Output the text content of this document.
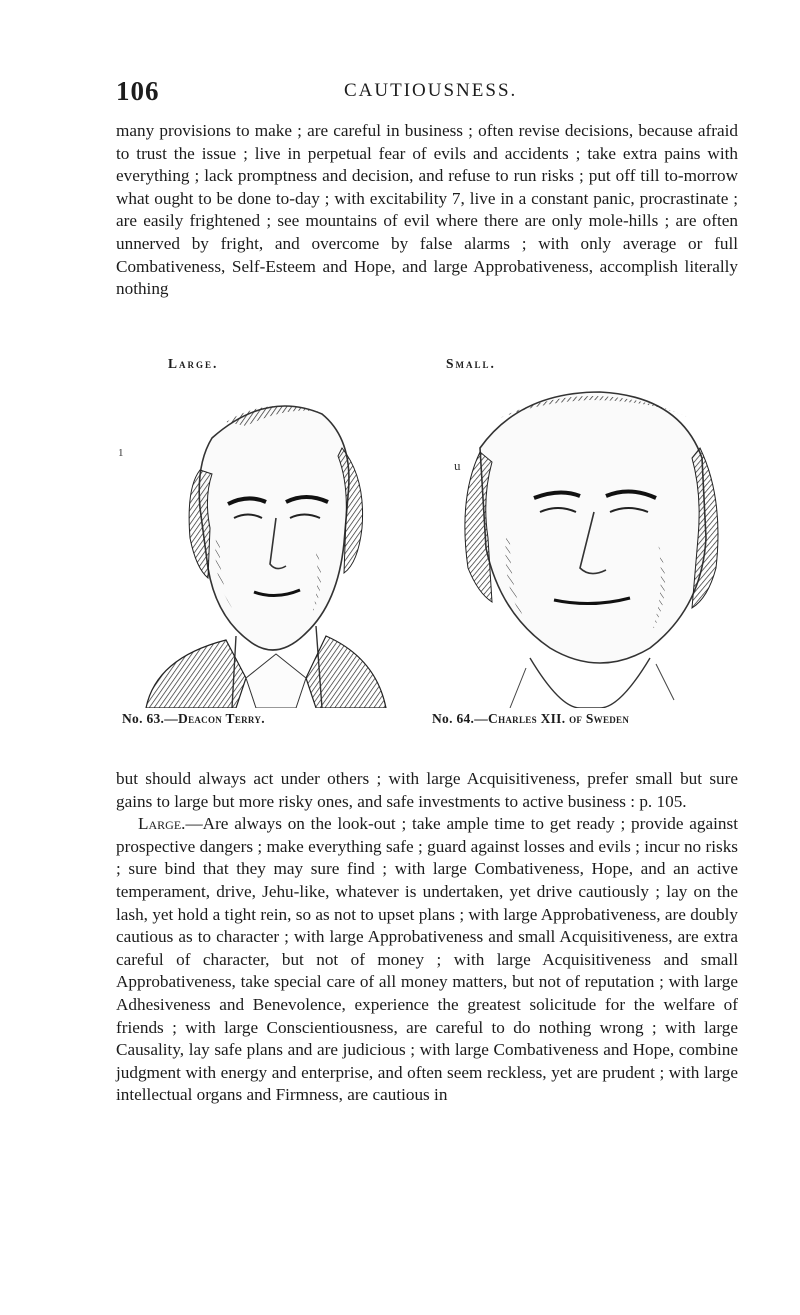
106	CAUTIOUSNESS.
many provisions to make ; are careful in business ; often revise decisions, because afraid to trust the issue ; live in perpetual fear of evils and accidents ; take extra pains with everything ; lack promptness and decision, and refuse to run risks ; put off till to-morrow what ought to be done to-day ; with excitability 7, live in a constant panic, procrastinate ; are easily frightened ; see mountains of evil where there are only mole-hills ; are often unnerved by fright, and overcome by false alarms ; with only average or full Combativeness, Self-Esteem and Hope, and large Approbativeness, accomplish literally nothing
Large.	Small.
1
u
No. 63.—Deacon Terry.	No. 64.—Charles XII. of Sweden
but should always act under others ; with large Acquisitiveness, prefer small but sure gains to large but more risky ones, and safe investments to active business : p. 105.
Large.—Are always on the look-out ; take ample time to get ready ; provide against prospective dangers ; make everything safe ; guard against losses and evils ; incur no risks ; sure bind that they may sure find ; with large Combativeness, Hope, and an active temperament, drive, Jehu-like, whatever is undertaken, yet drive cautiously ; lay on the lash, yet hold a tight rein, so as not to upset plans ; with large Approbativeness, are doubly cautious as to character ; with large Approbativeness and small Acquisitiveness, are extra careful of character, but not of money ; with large Acquisitiveness and small Approbativeness, take special care of all money matters, but not of reputation ; with large Adhesiveness and Benevolence, experience the greatest solicitude for the welfare of friends ; with large Conscientiousness, are careful to do nothing wrong ; with large Causality, lay safe plans and are judicious ; with large Combativeness and Hope, combine judgment with energy and enterprise, and often seem reckless, yet are prudent ; with large intellectual organs and Firmness, are cautious in
